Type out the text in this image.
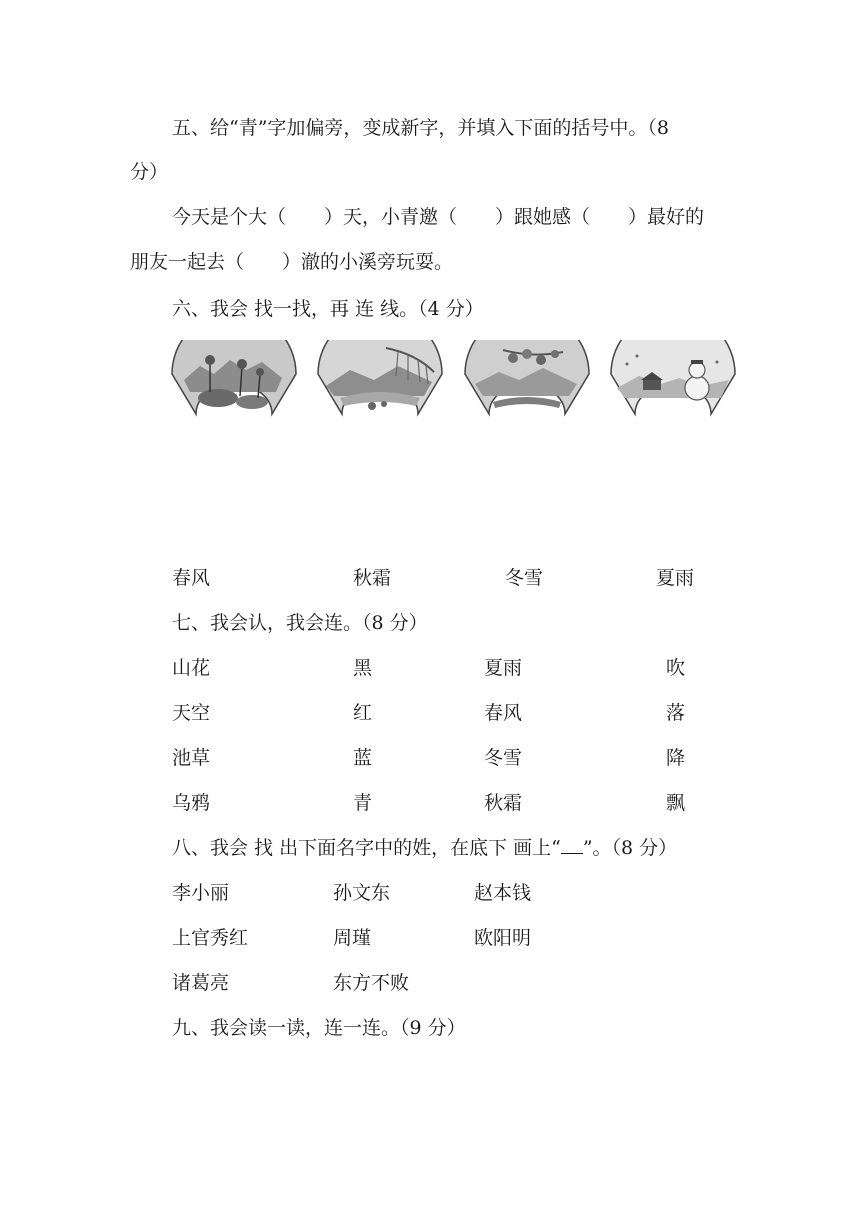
五、给“青”字加偏旁，变成新字，并填入下面的括号中。（8
分）
今天是个大（　　）天，小青邀（　　）跟她感（　　）最好的
朋友一起去（　　）澈的小溪旁玩耍。
六、我会 找一找，再 连 线。（4 分）
春风	秋霜	冬雪	夏雨
七、我会认，我会连。（8 分）
山花	黑	夏雨	吹
天空	红	春风	落
池草	蓝	冬雪	降
乌鸦	青	秋霜	飘
八、我会 找 出下面名字中的姓，在底下 画上“ ”。（8 分）
李小丽	孙文东	赵本钱
上官秀红	周瑾	欧阳明
诸葛亮	东方不败
九、我会读一读，连一连。（9 分）
